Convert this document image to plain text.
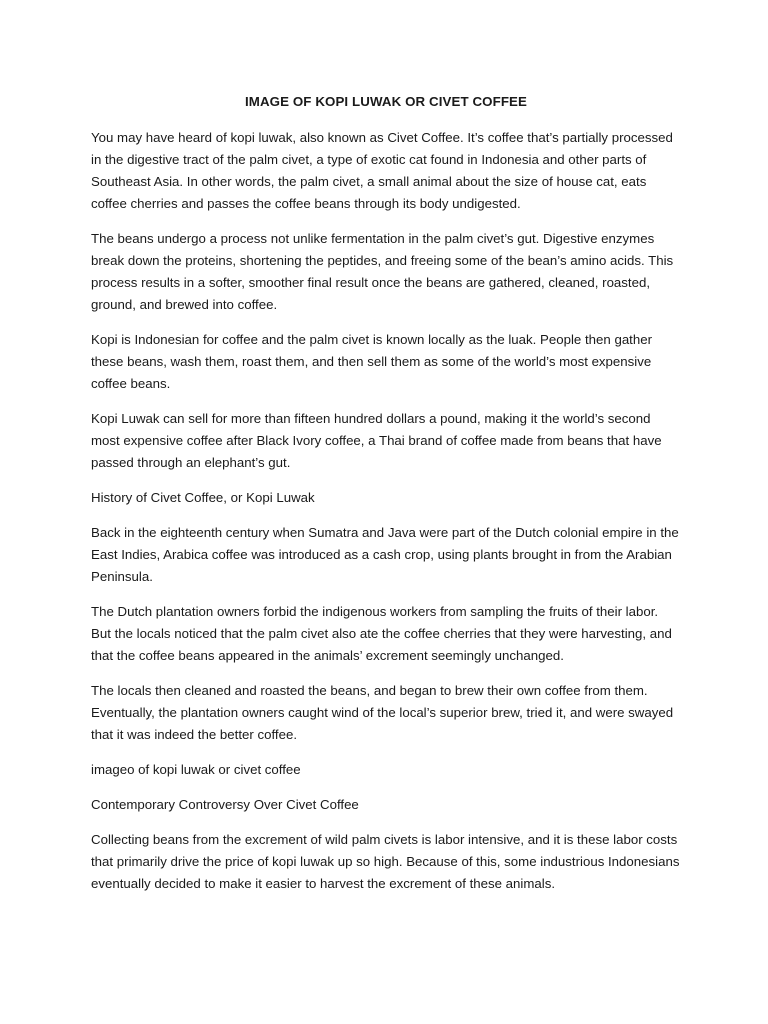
IMAGE OF KOPI LUWAK OR CIVET COFFEE

You may have heard of kopi luwak, also known as Civet Coffee. It’s coffee that’s partially processed in the digestive tract of the palm civet, a type of exotic cat found in Indonesia and other parts of Southeast Asia. In other words, the palm civet, a small animal about the size of house cat, eats coffee cherries and passes the coffee beans through its body undigested.

The beans undergo a process not unlike fermentation in the palm civet’s gut. Digestive enzymes break down the proteins, shortening the peptides, and freeing some of the bean’s amino acids. This process results in a softer, smoother final result once the beans are gathered, cleaned, roasted, ground, and brewed into coffee.

Kopi is Indonesian for coffee and the palm civet is known locally as the luak. People then gather these beans, wash them, roast them, and then sell them as some of the world’s most expensive coffee beans.

Kopi Luwak can sell for more than fifteen hundred dollars a pound, making it the world’s second most expensive coffee after Black Ivory coffee, a Thai brand of coffee made from beans that have passed through an elephant’s gut.

History of Civet Coffee, or Kopi Luwak

Back in the eighteenth century when Sumatra and Java were part of the Dutch colonial empire in the East Indies, Arabica coffee was introduced as a cash crop, using plants brought in from the Arabian Peninsula.

The Dutch plantation owners forbid the indigenous workers from sampling the fruits of their labor. But the locals noticed that the palm civet also ate the coffee cherries that they were harvesting, and that the coffee beans appeared in the animals’ excrement seemingly unchanged.

The locals then cleaned and roasted the beans, and began to brew their own coffee from them. Eventually, the plantation owners caught wind of the local’s superior brew, tried it, and were swayed that it was indeed the better coffee.

imageo of kopi luwak or civet coffee

Contemporary Controversy Over Civet Coffee

Collecting beans from the excrement of wild palm civets is labor intensive, and it is these labor costs that primarily drive the price of kopi luwak up so high. Because of this, some industrious Indonesians eventually decided to make it easier to harvest the excrement of these animals.
